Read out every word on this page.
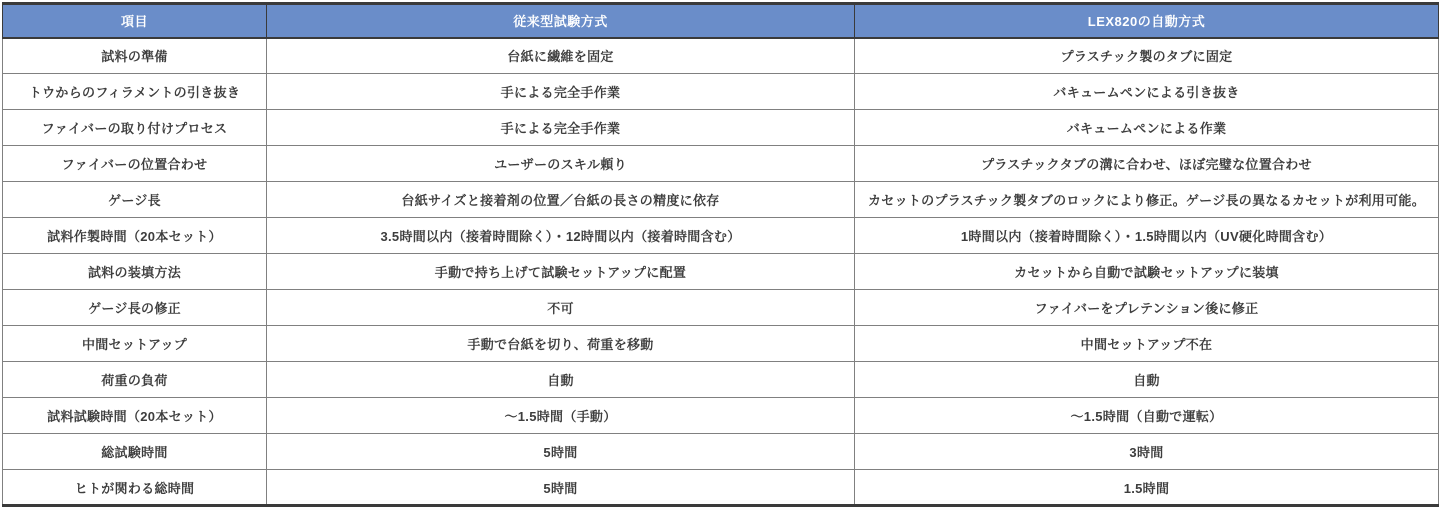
項目	従来型試験方式	LEX820の自動方式
試料の準備	台紙に繊維を固定	プラスチック製のタブに固定
トウからのフィラメントの引き抜き	手による完全手作業	バキュームペンによる引き抜き
ファイバーの取り付けプロセス	手による完全手作業	バキュームペンによる作業
ファイバーの位置合わせ	ユーザーのスキル頼り	プラスチックタブの溝に合わせ、ほぼ完璧な位置合わせ
ゲージ長	台紙サイズと接着剤の位置／台紙の長さの精度に依存	カセットのプラスチック製タブのロックにより修正。ゲージ長の異なるカセットが利用可能。
試料作製時間（20本セット）	3.5時間以内（接着時間除く）・12時間以内（接着時間含む）	1時間以内（接着時間除く）・1.5時間以内（UV硬化時間含む）
試料の装填方法	手動で持ち上げて試験セットアップに配置	カセットから自動で試験セットアップに装填
ゲージ長の修正	不可	ファイバーをプレテンション後に修正
中間セットアップ	手動で台紙を切り、荷重を移動	中間セットアップ不在
荷重の負荷	自動	自動
試料試験時間（20本セット）	～1.5時間（手動）	～1.5時間（自動で運転）
総試験時間	5時間	3時間
ヒトが関わる総時間	5時間	1.5時間
